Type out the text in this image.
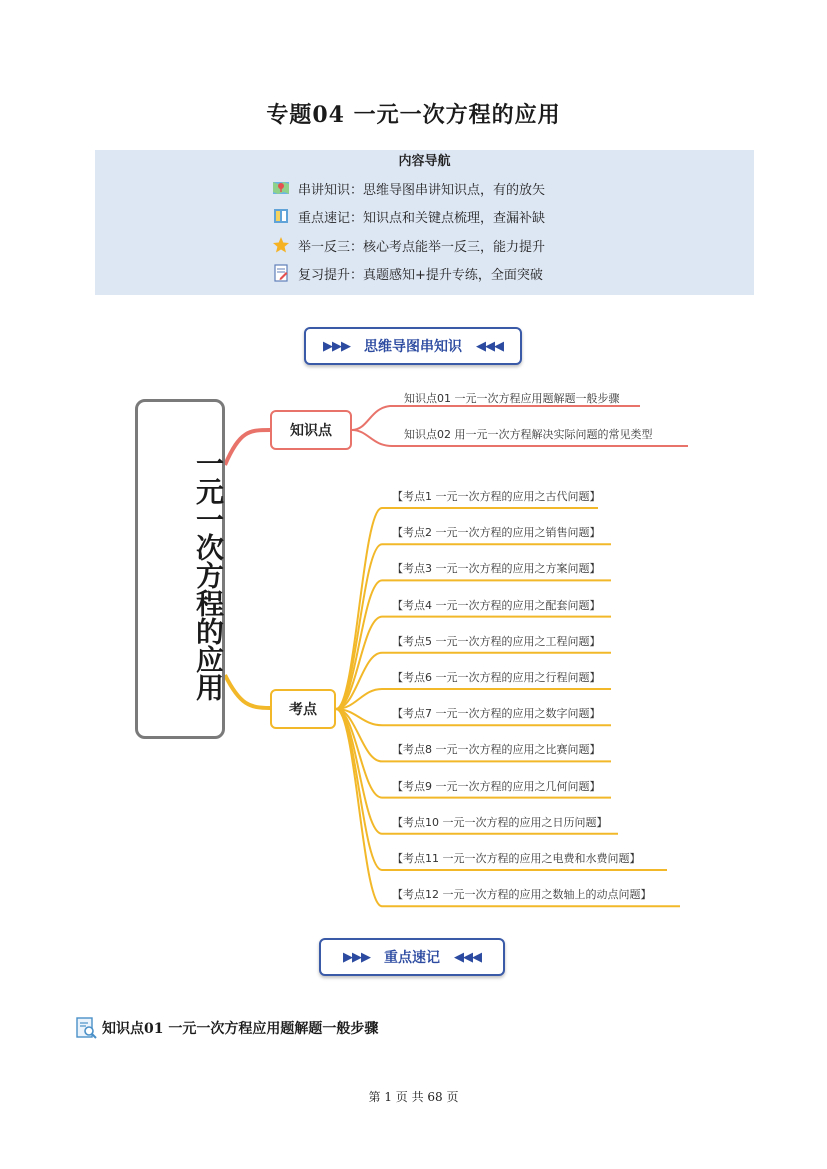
专题04 一元一次方程的应用
内容导航
串讲知识：思维导图串讲知识点，有的放矢
重点速记：知识点和关键点梳理，查漏补缺
举一反三：核心考点能举一反三，能力提升
复习提升：真题感知+提升专练，全面突破
▶▶▶ 思维导图串知识 ◀◀◀
一元一次方程的应用
知识点
知识点01 一元一次方程应用题解题一般步骤
知识点02 用一元一次方程解决实际问题的常见类型
考点
【考点1 一元一次方程的应用之古代问题】
【考点2 一元一次方程的应用之销售问题】
【考点3 一元一次方程的应用之方案问题】
【考点4 一元一次方程的应用之配套问题】
【考点5 一元一次方程的应用之工程问题】
【考点6 一元一次方程的应用之行程问题】
【考点7 一元一次方程的应用之数字问题】
【考点8 一元一次方程的应用之比赛问题】
【考点9 一元一次方程的应用之几何问题】
【考点10 一元一次方程的应用之日历问题】
【考点11 一元一次方程的应用之电费和水费问题】
【考点12 一元一次方程的应用之数轴上的动点问题】
▶▶▶ 重点速记 ◀◀◀
知识点01 一元一次方程应用题解题一般步骤
第 1 页 共 68 页
